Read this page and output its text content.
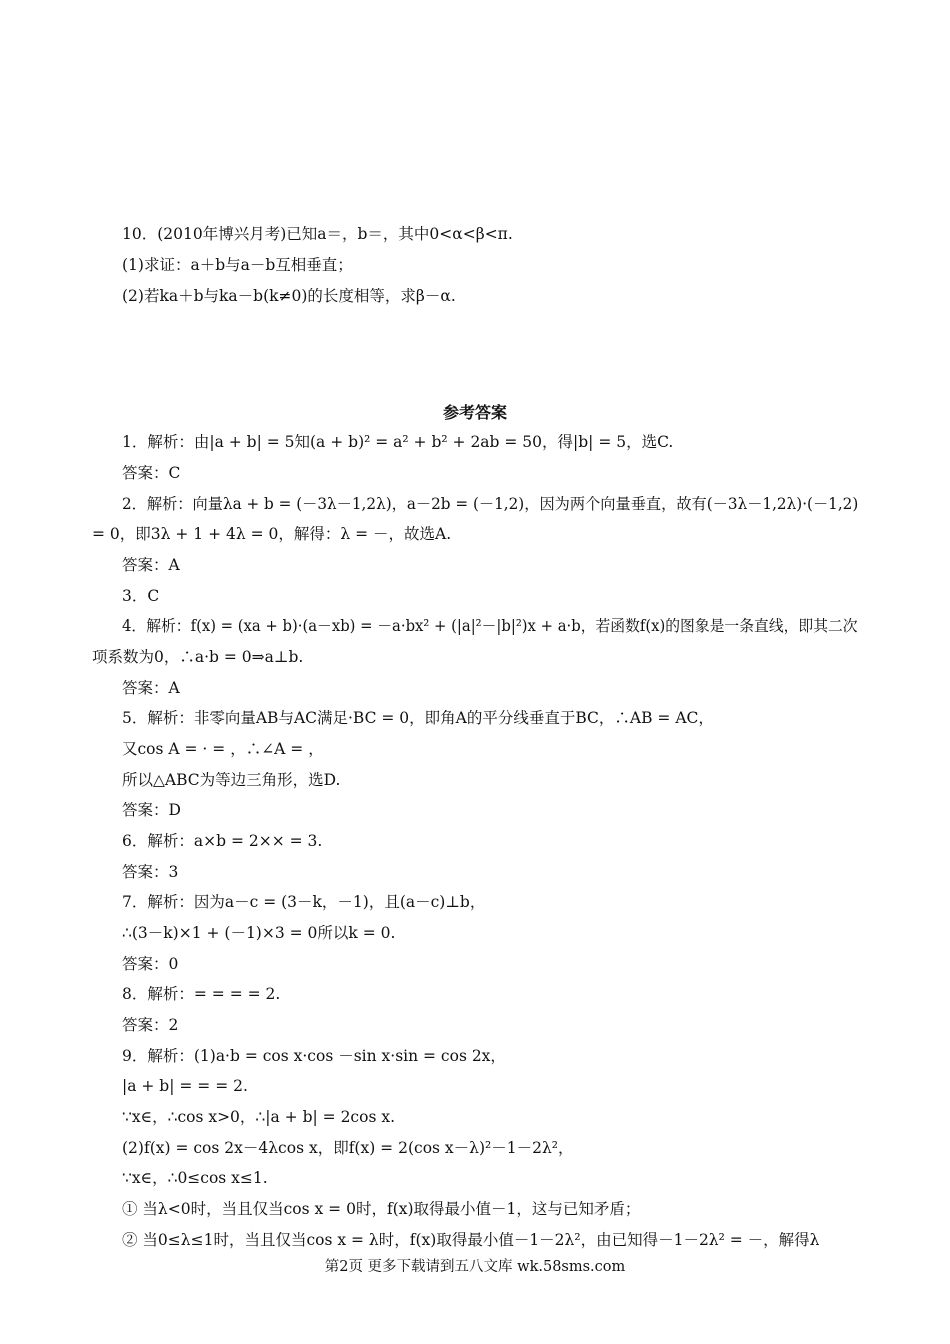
10．(2010年博兴月考)已知a＝，b＝，其中0<α<β<π.
(1)求证：a＋b与a－b互相垂直；
(2)若ka＋b与ka－b(k≠0)的长度相等，求β－α.
参考答案
1．解析：由|a + b| = 5知(a + b)² = a² + b² + 2ab = 50，得|b| = 5，选C.
答案：C
2．解析：向量λa + b = (－3λ－1,2λ)，a－2b = (－1,2)，因为两个向量垂直，故有(－3λ－1,2λ)·(－1,2)
= 0，即3λ + 1 + 4λ = 0，解得：λ = －，故选A.
答案：A
3．C
4．解析：f(x) = (xa + b)·(a－xb) = －a·bx² + (|a|²－|b|²)x + a·b，若函数f(x)的图象是一条直线，即其二次
项系数为0，∴a·b = 0⇒a⊥b.
答案：A
5．解析：非零向量AB与AC满足·BC = 0，即角A的平分线垂直于BC，∴AB = AC，
又cos A = · = ，∴∠A = ，
所以△ABC为等边三角形，选D.
答案：D
6．解析：a×b = 2×× = 3.
答案：3
7．解析：因为a－c = (3－k，－1)，且(a－c)⊥b，
∴(3－k)×1 + (－1)×3 = 0所以k = 0.
答案：0
8．解析：= = = = 2.
答案：2
9．解析：(1)a·b = cos x·cos －sin x·sin = cos 2x，
|a + b| = = = 2.
∵x∈，∴cos x>0，∴|a + b| = 2cos x.
(2)f(x) = cos 2x－4λcos x，即f(x) = 2(cos x－λ)²－1－2λ²，
∵x∈，∴0≤cos x≤1.
① 当λ<0时，当且仅当cos x = 0时，f(x)取得最小值－1，这与已知矛盾；
② 当0≤λ≤1时，当且仅当cos x = λ时，f(x)取得最小值－1－2λ²，由已知得－1－2λ² = －，解得λ
第2页 更多下载请到五八文库 wk.58sms.com
